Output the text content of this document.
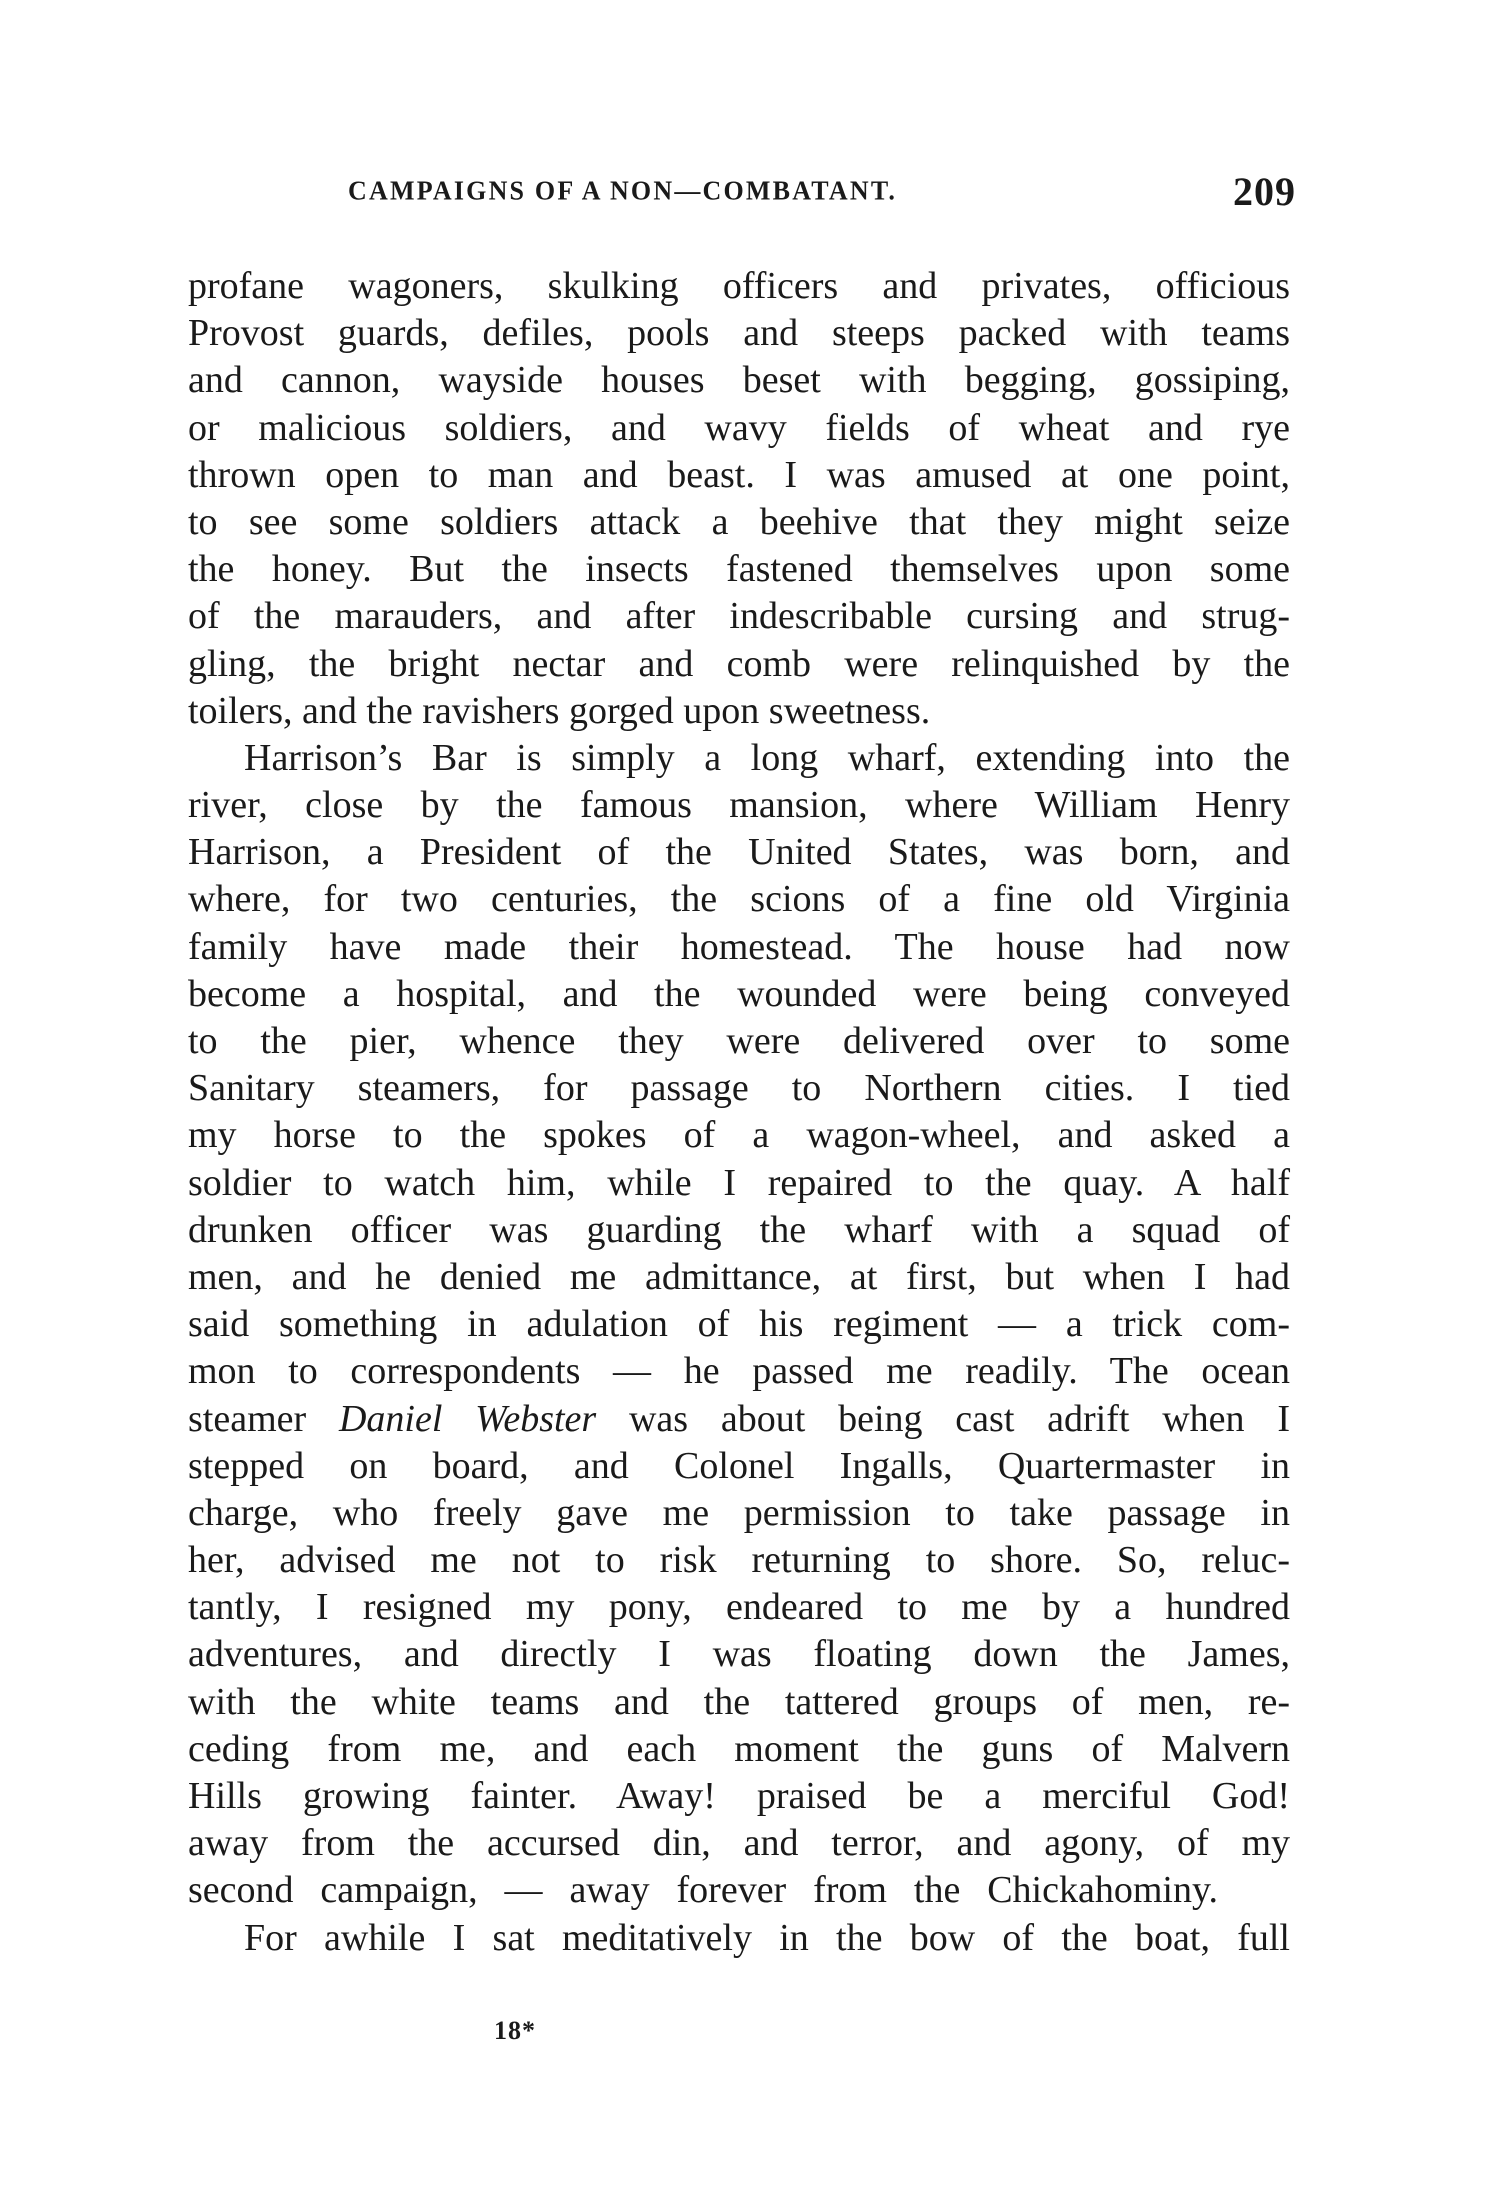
CAMPAIGNS OF A NON—COMBATANT.	209
profane wagoners, skulking officers and privates, officious
Provost guards, defiles, pools and steeps packed with teams
and cannon, wayside houses beset with begging, gossiping,
or malicious soldiers, and wavy fields of wheat and rye
thrown open to man and beast. I was amused at one point,
to see some soldiers attack a beehive that they might seize
the honey. But the insects fastened themselves upon some
of the marauders, and after indescribable cursing and strug-
gling, the bright nectar and comb were relinquished by the
toilers, and the ravishers gorged upon sweetness.
Harrison’s Bar is simply a long wharf, extending into the
river, close by the famous mansion, where William Henry
Harrison, a President of the United States, was born, and
where, for two centuries, the scions of a fine old Virginia
family have made their homestead. The house had now
become a hospital, and the wounded were being conveyed
to the pier, whence they were delivered over to some
Sanitary steamers, for passage to Northern cities. I tied
my horse to the spokes of a wagon-wheel, and asked a
soldier to watch him, while I repaired to the quay. A half
drunken officer was guarding the wharf with a squad of
men, and he denied me admittance, at first, but when I had
said something in adulation of his regiment — a trick com-
mon to correspondents — he passed me readily. The ocean
steamer Daniel Webster was about being cast adrift when I
stepped on board, and Colonel Ingalls, Quartermaster in
charge, who freely gave me permission to take passage in
her, advised me not to risk returning to shore. So, reluc-
tantly, I resigned my pony, endeared to me by a hundred
adventures, and directly I was floating down the James,
with the white teams and the tattered groups of men, re-
ceding from me, and each moment the guns of Malvern
Hills growing fainter. Away! praised be a merciful God!
away from the accursed din, and terror, and agony, of my
second campaign, — away forever from the Chickahominy.
For awhile I sat meditatively in the bow of the boat, full
18*
